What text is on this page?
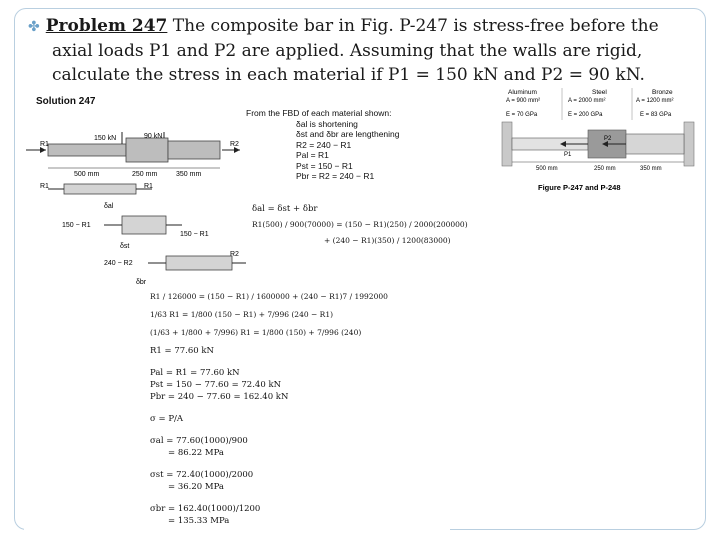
✤ Problem 247 The composite bar in Fig. P-247 is stress-free before the
axial loads P1 and P2 are applied. Assuming that the walls are rigid,
calculate the stress in each material if P1 = 150 kN and P2 = 90 kN.
Solution 247
R1	R2
150 kN	90 kN
500 mm	250 mm	350 mm
R1	R1
δal
150 − R1
150 − R1
δst
240 − R2
R2
δbr
From the FBD of each material shown:
δal is shortening
δst and δbr are lengthening
R2 = 240 − R1
Pal = R1
Pst = 150 − R1
Pbr = R2 = 240 − R1
δal = δst + δbr
R1(500) / 900(70000) = (150 − R1)(250) / 2000(200000)
+ (240 − R1)(350) / 1200(83000)
R1 / 126000 = (150 − R1) / 1600000 + (240 − R1)7 / 1992000
1/63 R1 = 1/800 (150 − R1) + 7/996 (240 − R1)
(1/63 + 1/800 + 7/996) R1 = 1/800 (150) + 7/996 (240)
R1 = 77.60 kN
Pal = R1 = 77.60 kN
Pst = 150 − 77.60 = 72.40 kN
Pbr = 240 − 77.60 = 162.40 kN
σ = P/A
σal = 77.60(1000)/900
= 86.22 MPa
σst = 72.40(1000)/2000
= 36.20 MPa
σbr = 162.40(1000)/1200
= 135.33 MPa
Aluminum
A = 900 mm²
E = 70 GPa
Steel
A = 2000 mm²
E = 200 GPa
Bronze
A = 1200 mm²
E = 83 GPa
P1
P2
500 mm	250 mm	350 mm
Figure P-247 and P-248
